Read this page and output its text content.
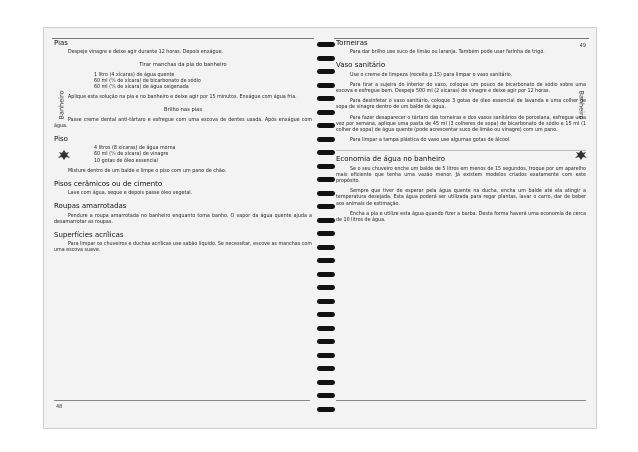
Banheiro	Banheiro
48
49
Pias

Despeje vinagre e deixe agir durante 12 horas. Depois enxágue.

Tirar manchas da pia do banheiro
1 litro (4 xícaras) de água quente
60 ml (¼ de xícara) de bicarbonato de sódio
60 ml (¼ de xícara) de água oxigenada

Aplique esta solução na pia e no banheiro e deixe agir por 15 minutos. Enxágue com água fria.

Brilho nas pias

Passe creme dental anti-tártaro e esfregue com uma escova de dentes usada. Após enxágue com água.

Piso
4 litros (8 xícaras) de água morna
60 ml (¼ de xícara) de vinagre
10 gotas de óleo essencial

Misture dentro de um balde e limpe o piso com um pano de chão.

Pisos cerâmicos ou de cimento

Lave com água, seque e depois passe óleo vegetal.

Roupas amarrotadas

Pendure a roupa amarrotada no banheiro enquanto toma banho. O vapor da água quente ajuda a desamarrotar as roupas.

Superfícies acrílicas

Para limpar os chuveiros e duchas acrílicas use sabão líquido. Se necessitar, escove as manchas com uma escova suave.

Torneiras

Para dar brilho use suco de limão ou laranja. Também pode usar farinha de trigo.

Vaso sanitário

Use o creme de limpeza (receita p.15) para limpar o vaso sanitário.

Para tirar a sujeira do interior do vaso, coloque um pouco de bicarbonato de sódio sobre uma escova e esfregue bem. Despeje 500 ml (2 xícaras) de vinagre e deixe agir por 12 horas.

Para desinfetar o vaso sanitário, coloque 3 gotas de óleo essencial de lavanda e uma colher de sopa de vinagre dentro de um balde de água.

Para fazer desaparecer o tártaro das torneiras e dos vasos sanitários de porcelana, esfregue uma vez por semana, aplique uma pasta de 45 ml (3 colheres de sopa) de bicarbonato de sódio e 15 ml (1 colher de sopa) de água quente (pode acrescentar suco de limão ou vinagre) com um pano.

Para limpar a tampa plástica do vaso use algumas gotas de álcool.

Economia de água no banheiro

Se o seu chuveiro enche um balde de 5 litros em menos de 15 segundos, troque por um aparelho mais eficiente que tenha uma vazão menor. Já existem modelos criados exatamente com este propósito.

Sempre que tiver de esperar pela água quente na ducha, encha um balde até ela atingir a temperatura desejada. Esta água poderá ser utilizada para regar plantas, lavar o carro, dar de beber aos animais de estimação.

Encha a pia e utilize esta água quando fizer a barba. Desta forma haverá uma economia de cerca de 10 litros de água.
